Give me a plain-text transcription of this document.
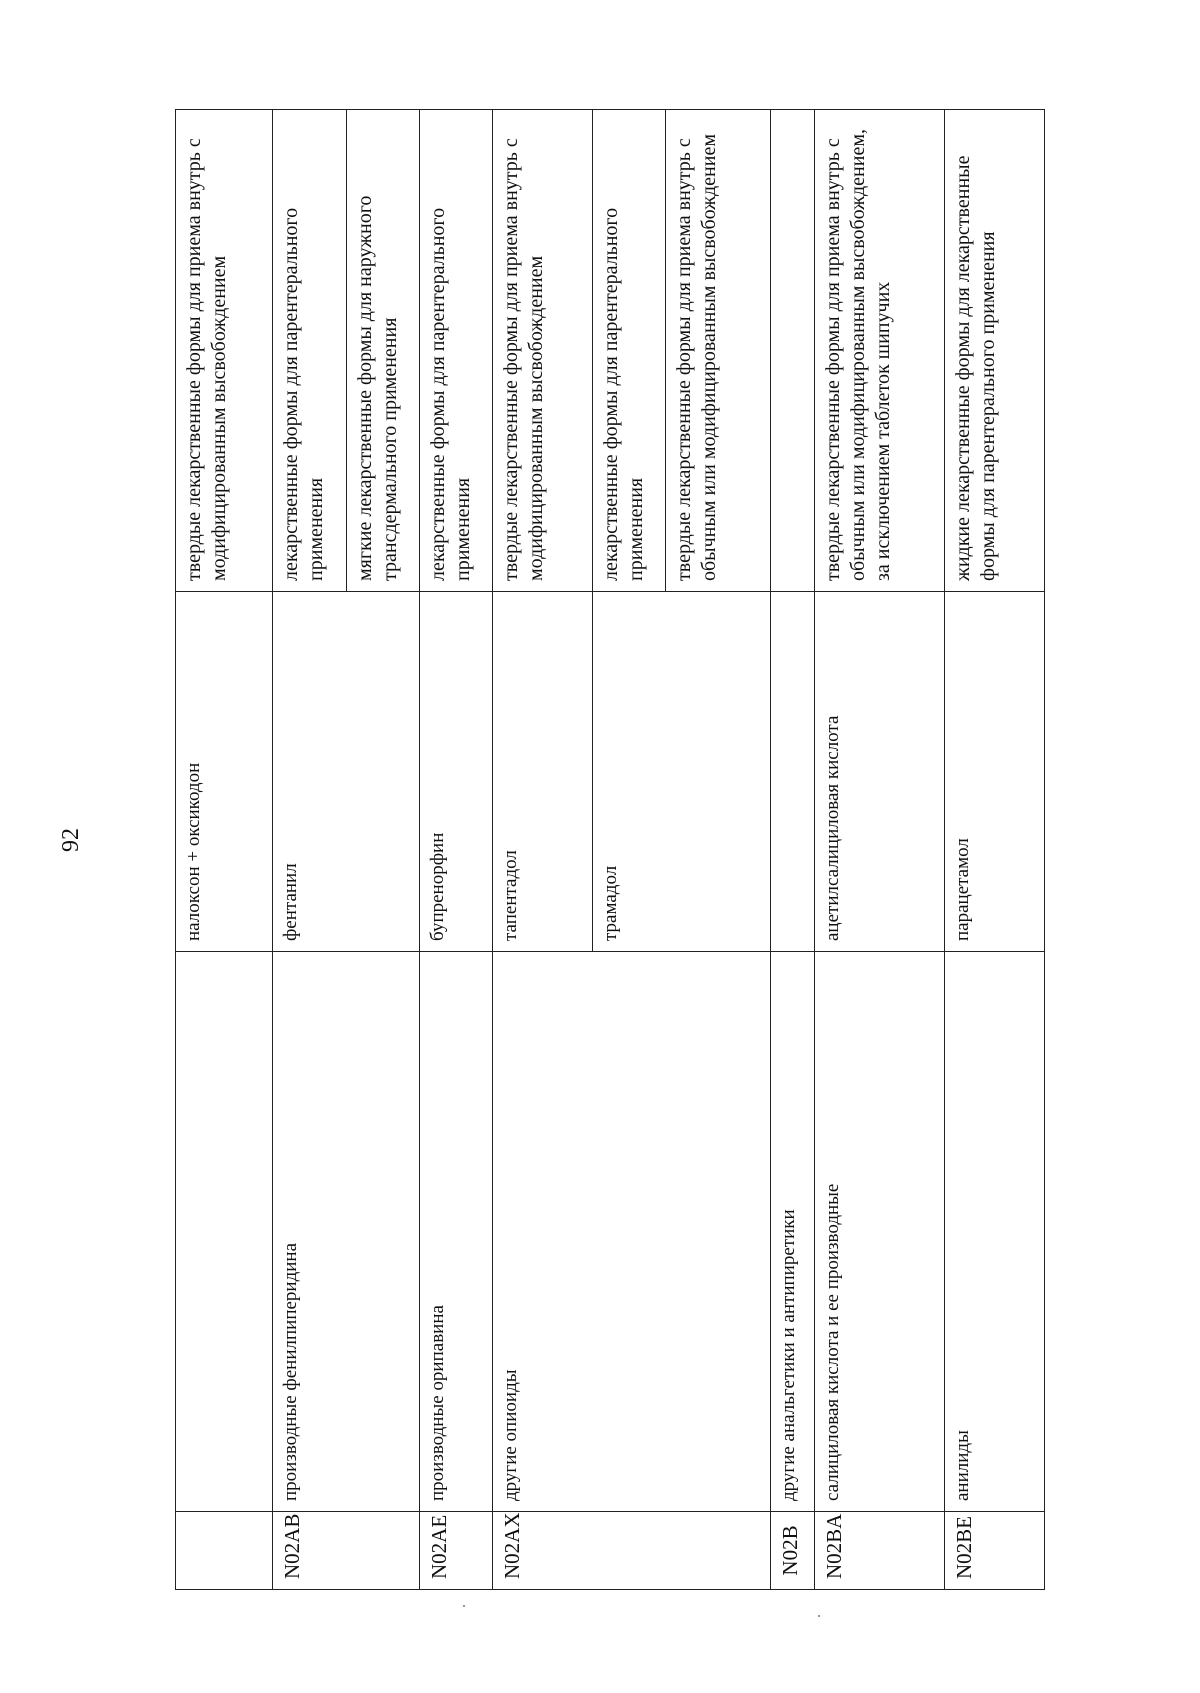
92
			налоксон + оксикодон	твердые лекарственные формы для приема внутрь с модифицированным высвобождением
N02AB	производные фенилпиперидина	фентанил	лекарственные формы для парентерального применения
			мягкие лекарственные формы для наружного трансдермального применения
N02AE	производные орипавина	бупренорфин	лекарственные формы для парентерального применения
N02AX	другие опиоиды	тапентадол	твердые лекарственные формы для приема внутрь с модифицированным высвобождением
		трамадол	лекарственные формы для парентерального применения
			твердые лекарственные формы для приема внутрь с обычным или модифицированным высвобождением
N02B	другие анальгетики и антипиретики		
N02BA	салициловая кислота и ее производные	ацетилсалициловая кислота	твердые лекарственные формы для приема внутрь с обычным или модифицированным высвобождением, за исключением таблеток шипучих
N02BE	анилиды	парацетамол	жидкие лекарственные формы для лекарственные формы для парентерального применения
